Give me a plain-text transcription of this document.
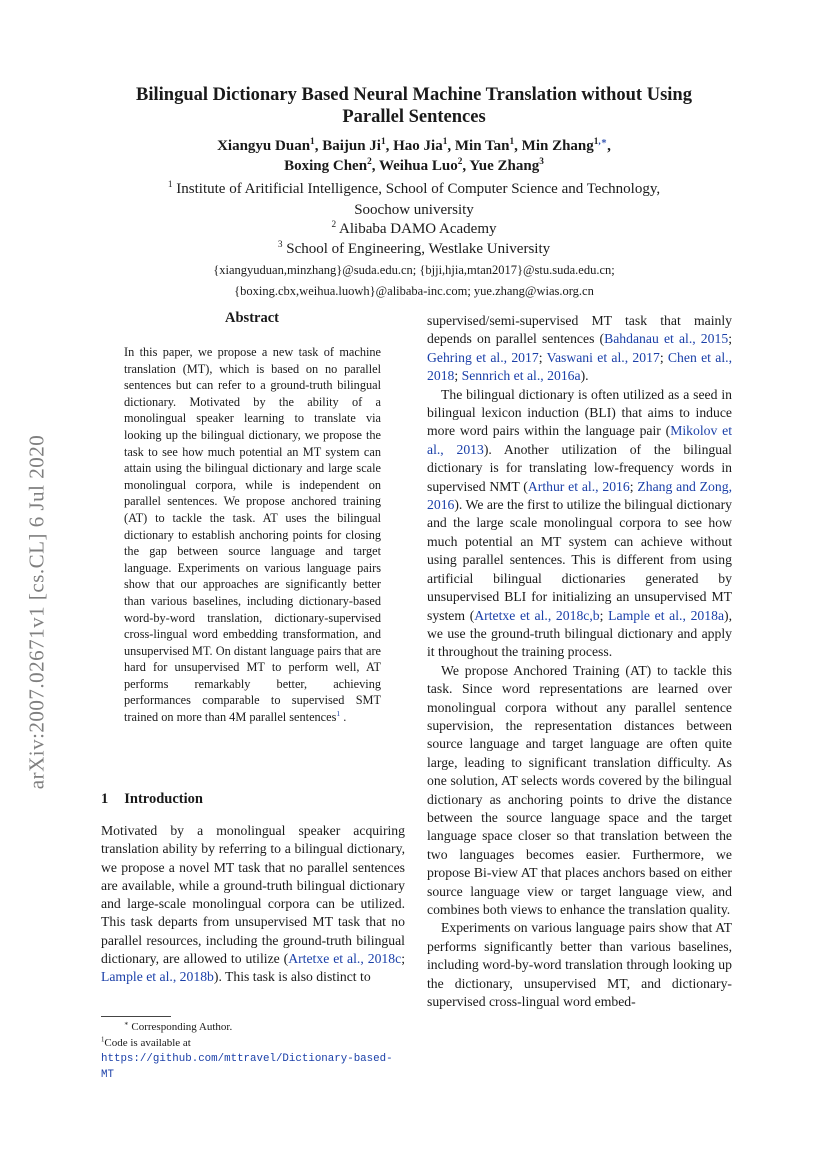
arXiv:2007.02671v1 [cs.CL] 6 Jul 2020
Bilingual Dictionary Based Neural Machine Translation without Using
Parallel Sentences
Xiangyu Duan$^1$, Baijun Ji$^1$, Hao Jia$^1$, Min Tan$^1$, Min Zhang$^{1,∗}$,
Boxing Chen$^2$, Weihua Luo$^2$, Yue Zhang$^3$
$^1$ Institute of Aritificial Intelligence, School of Computer Science and Technology,
Soochow university
$^2$ Alibaba DAMO Academy
$^3$ School of Engineering, Westlake University
{xiangyuduan,minzhang}@suda.edu.cn; {bjji,hjia,mtan2017}@stu.suda.edu.cn;
{boxing.cbx,weihua.luowh}@alibaba-inc.com; yue.zhang@wias.org.cn
Abstract
In this paper, we propose a new task of machine translation (MT), which is based on no parallel sentences but can refer to a ground-truth bilingual dictionary. Motivated by the ability of a monolingual speaker learning to translate via looking up the bilingual dictionary, we propose the task to see how much potential an MT system can attain using the bilingual dictionary and large scale monolingual corpora, while is independent on parallel sentences. We propose anchored training (AT) to tackle the task. AT uses the bilingual dictionary to establish anchoring points for closing the gap between source language and target language. Experiments on various language pairs show that our approaches are significantly better than various baselines, including dictionary-based word-by-word translation, dictionary-supervised cross-lingual word embedding transformation, and unsupervised MT. On distant language pairs that are hard for unsupervised MT to perform well, AT performs remarkably better, achieving performances comparable to supervised SMT trained on more than 4M parallel sentences$^1$ .
1 Introduction
Motivated by a monolingual speaker acquiring translation ability by referring to a bilingual dictionary, we propose a novel MT task that no parallel sentences are available, while a ground-truth bilingual dictionary and large-scale monolingual corpora can be utilized. This task departs from unsupervised MT task that no parallel resources, including the ground-truth bilingual dictionary, are allowed to utilize (Artetxe et al., 2018c; Lample et al., 2018b). This task is also distinct to
∗ Corresponding Author.
$^1$Code is available at https://github.com/mttravel/Dictionary-based-MT

supervised/semi-supervised MT task that mainly depends on parallel sentences (Bahdanau et al., 2015; Gehring et al., 2017; Vaswani et al., 2017; Chen et al., 2018; Sennrich et al., 2016a).

The bilingual dictionary is often utilized as a seed in bilingual lexicon induction (BLI) that aims to induce more word pairs within the language pair (Mikolov et al., 2013). Another utilization of the bilingual dictionary is for translating low-frequency words in supervised NMT (Arthur et al., 2016; Zhang and Zong, 2016). We are the first to utilize the bilingual dictionary and the large scale monolingual corpora to see how much potential an MT system can achieve without using parallel sentences. This is different from using artificial bilingual dictionaries generated by unsupervised BLI for initializing an unsupervised MT system (Artetxe et al., 2018c,b; Lample et al., 2018a), we use the ground-truth bilingual dictionary and apply it throughout the training process.

We propose Anchored Training (AT) to tackle this task. Since word representations are learned over monolingual corpora without any parallel sentence supervision, the representation distances between source language and target language are often quite large, leading to significant translation difficulty. As one solution, AT selects words covered by the bilingual dictionary as anchoring points to drive the distance between the source language space and the target language space closer so that translation between the two languages becomes easier. Furthermore, we propose Bi-view AT that places anchors based on either source language view or target language view, and combines both views to enhance the translation quality.

Experiments on various language pairs show that AT performs significantly better than various baselines, including word-by-word translation through looking up the dictionary, unsupervised MT, and dictionary-supervised cross-lingual word embed-
